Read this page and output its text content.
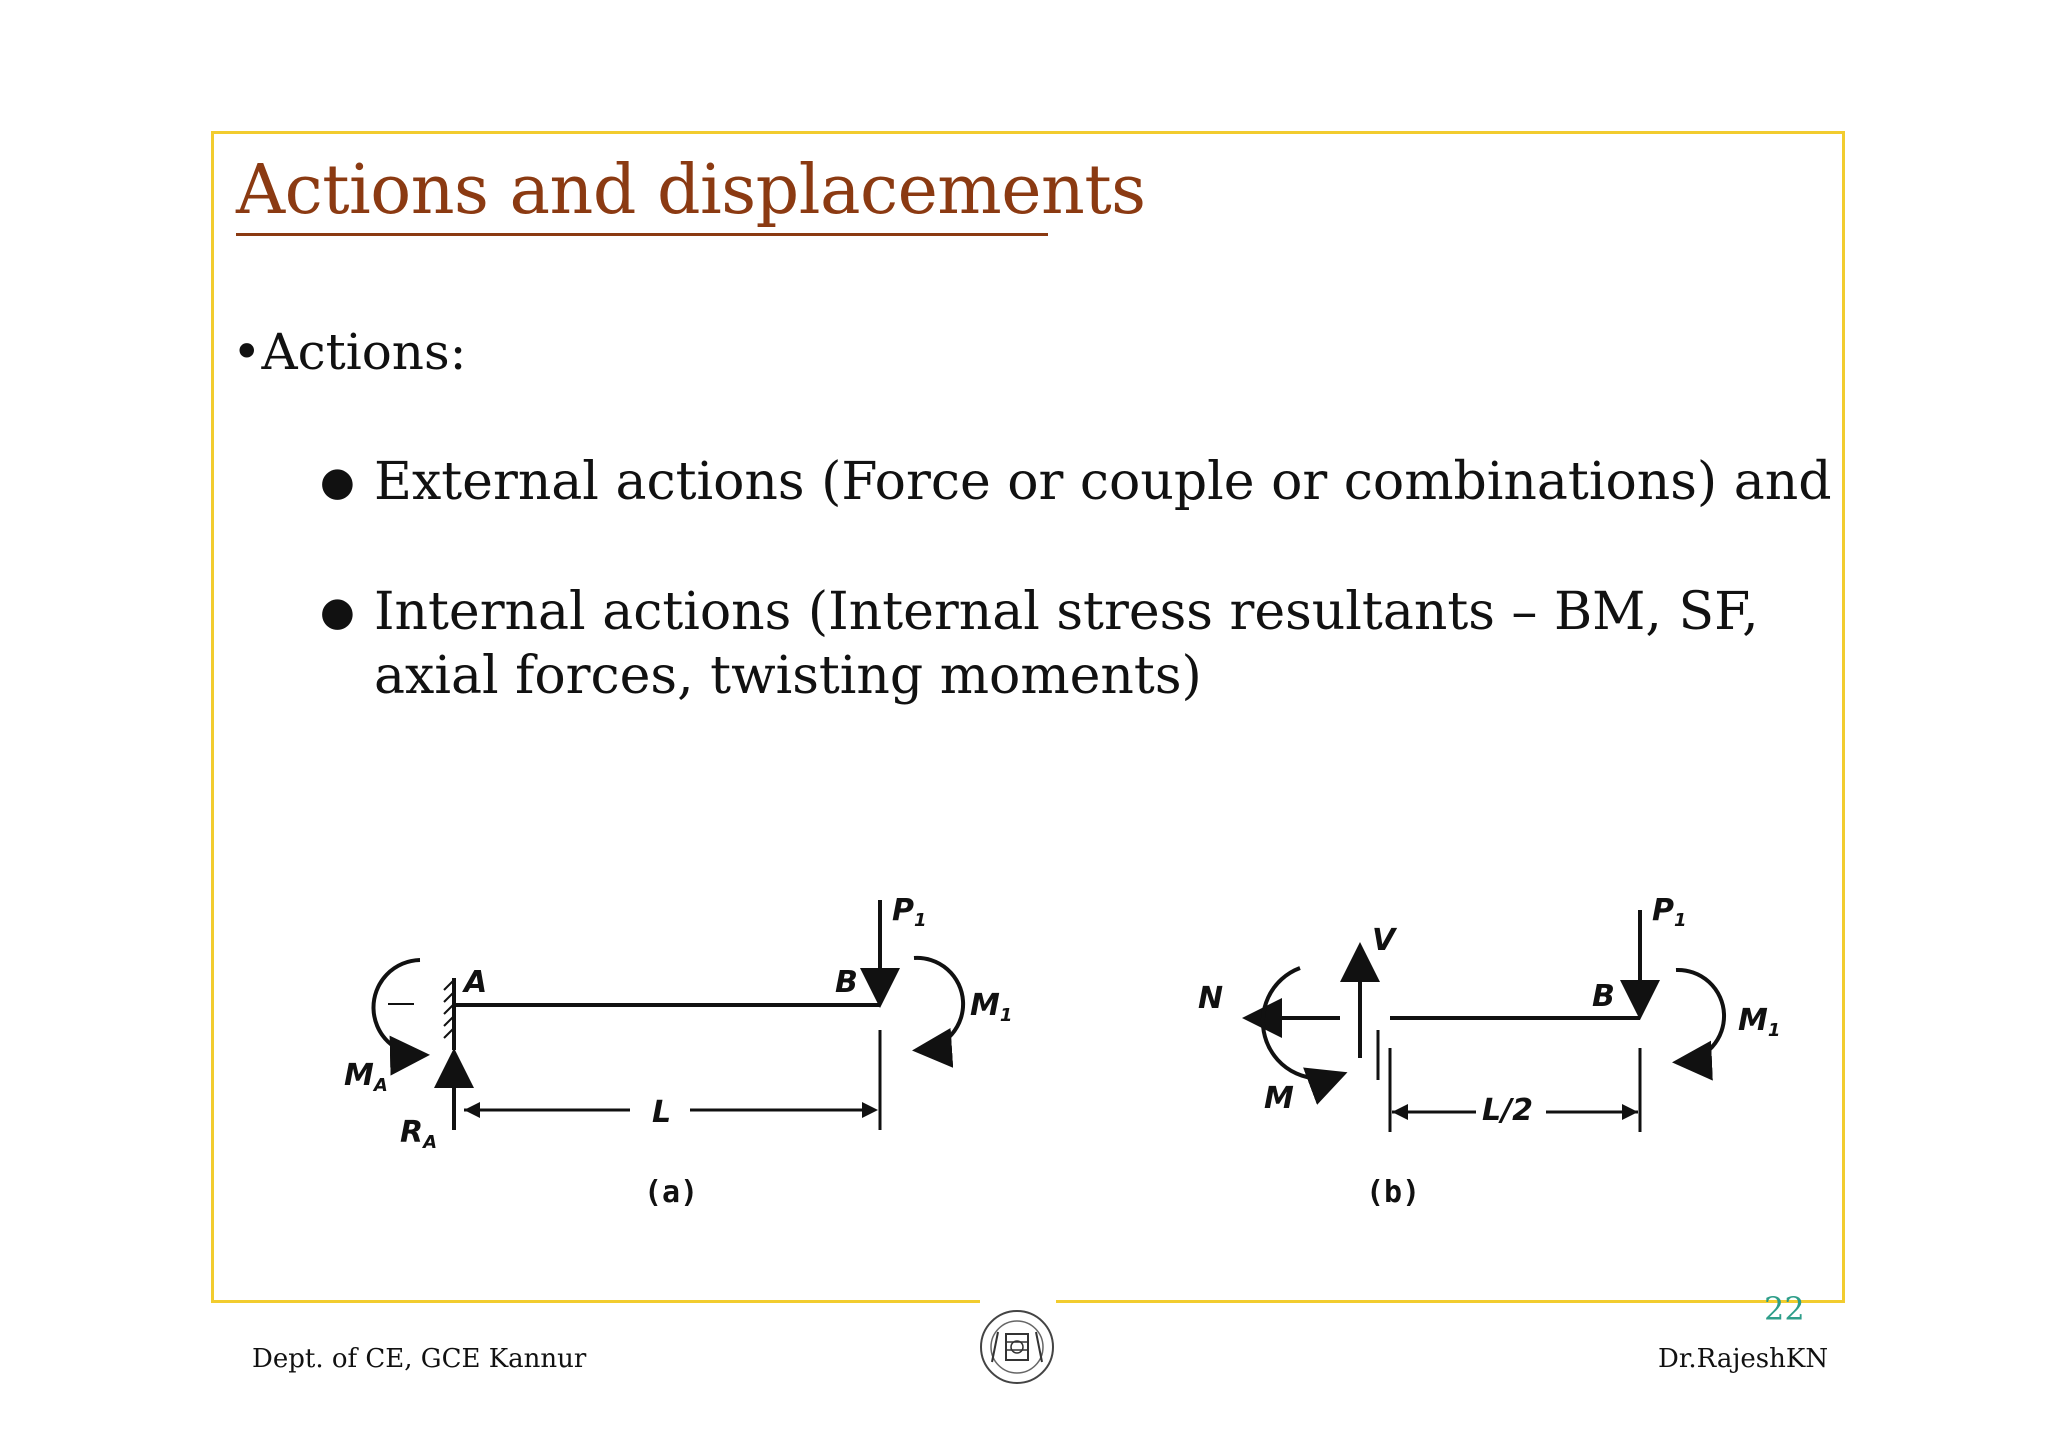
Actions and displacements
•Actions:
● External actions (Force or couple or combinations) and
● Internal actions (Internal stress resultants – BM, SF, axial forces, twisting moments)
$M_A$
$R_A$
A	B
$P_1$
$M_1$
L
(a)
N
M
V
B
$P_1$
$M_1$
L/2
(b)
22
Dept. of CE, GCE Kannur	Dr.RajeshKN
